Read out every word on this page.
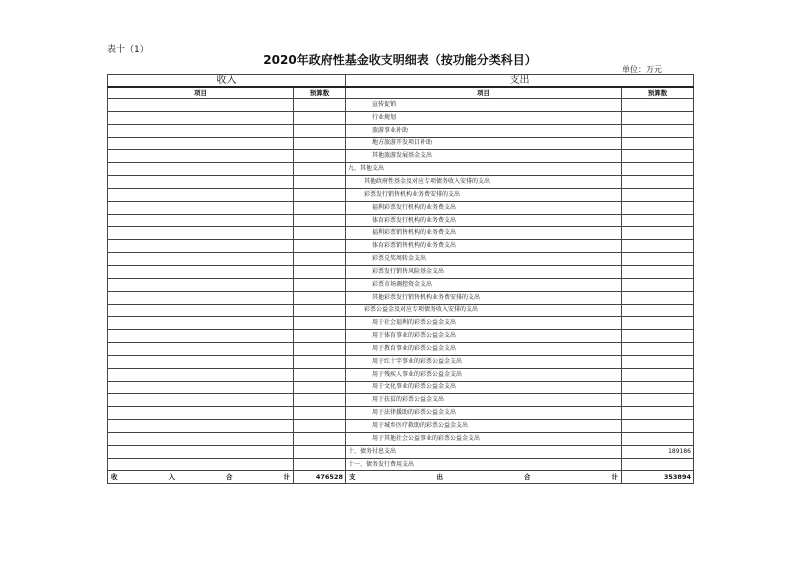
表十（1）
2020年政府性基金收支明细表（按功能分类科目）
单位：万元
收入		支出	
项目	预算数	项目	预算数
		宣传促销	
		行业规划	
		旅游事业补助	
		地方旅游开发项目补助	
		其他旅游发展基金支出	
		九、其他支出	
		其他政府性基金及对应专项债务收入安排的支出	
		彩票发行销售机构业务费安排的支出	
		福利彩票发行机构的业务费支出	
		体育彩票发行机构的业务费支出	
		福利彩票销售机构的业务费支出	
		体育彩票销售机构的业务费支出	
		彩票兑奖周转金支出	
		彩票发行销售风险基金支出	
		彩票市场调控资金支出	
		其他彩票发行销售机构业务费安排的支出	
		彩票公益金及对应专项债务收入安排的支出	
		用于社会福利的彩票公益金支出	
		用于体育事业的彩票公益金支出	
		用于教育事业的彩票公益金支出	
		用于红十字事业的彩票公益金支出	
		用于残疾人事业的彩票公益金支出	
		用于文化事业的彩票公益金支出	
		用于扶贫的彩票公益金支出	
		用于法律援助的彩票公益金支出	
		用于城乡医疗救助的彩票公益金支出	
		用于其他社会公益事业的彩票公益金支出	
		十、债务付息支出	189186
		十一、债务发行费用支出	

收 入 合 计	476528	支 出 合 计	353894
